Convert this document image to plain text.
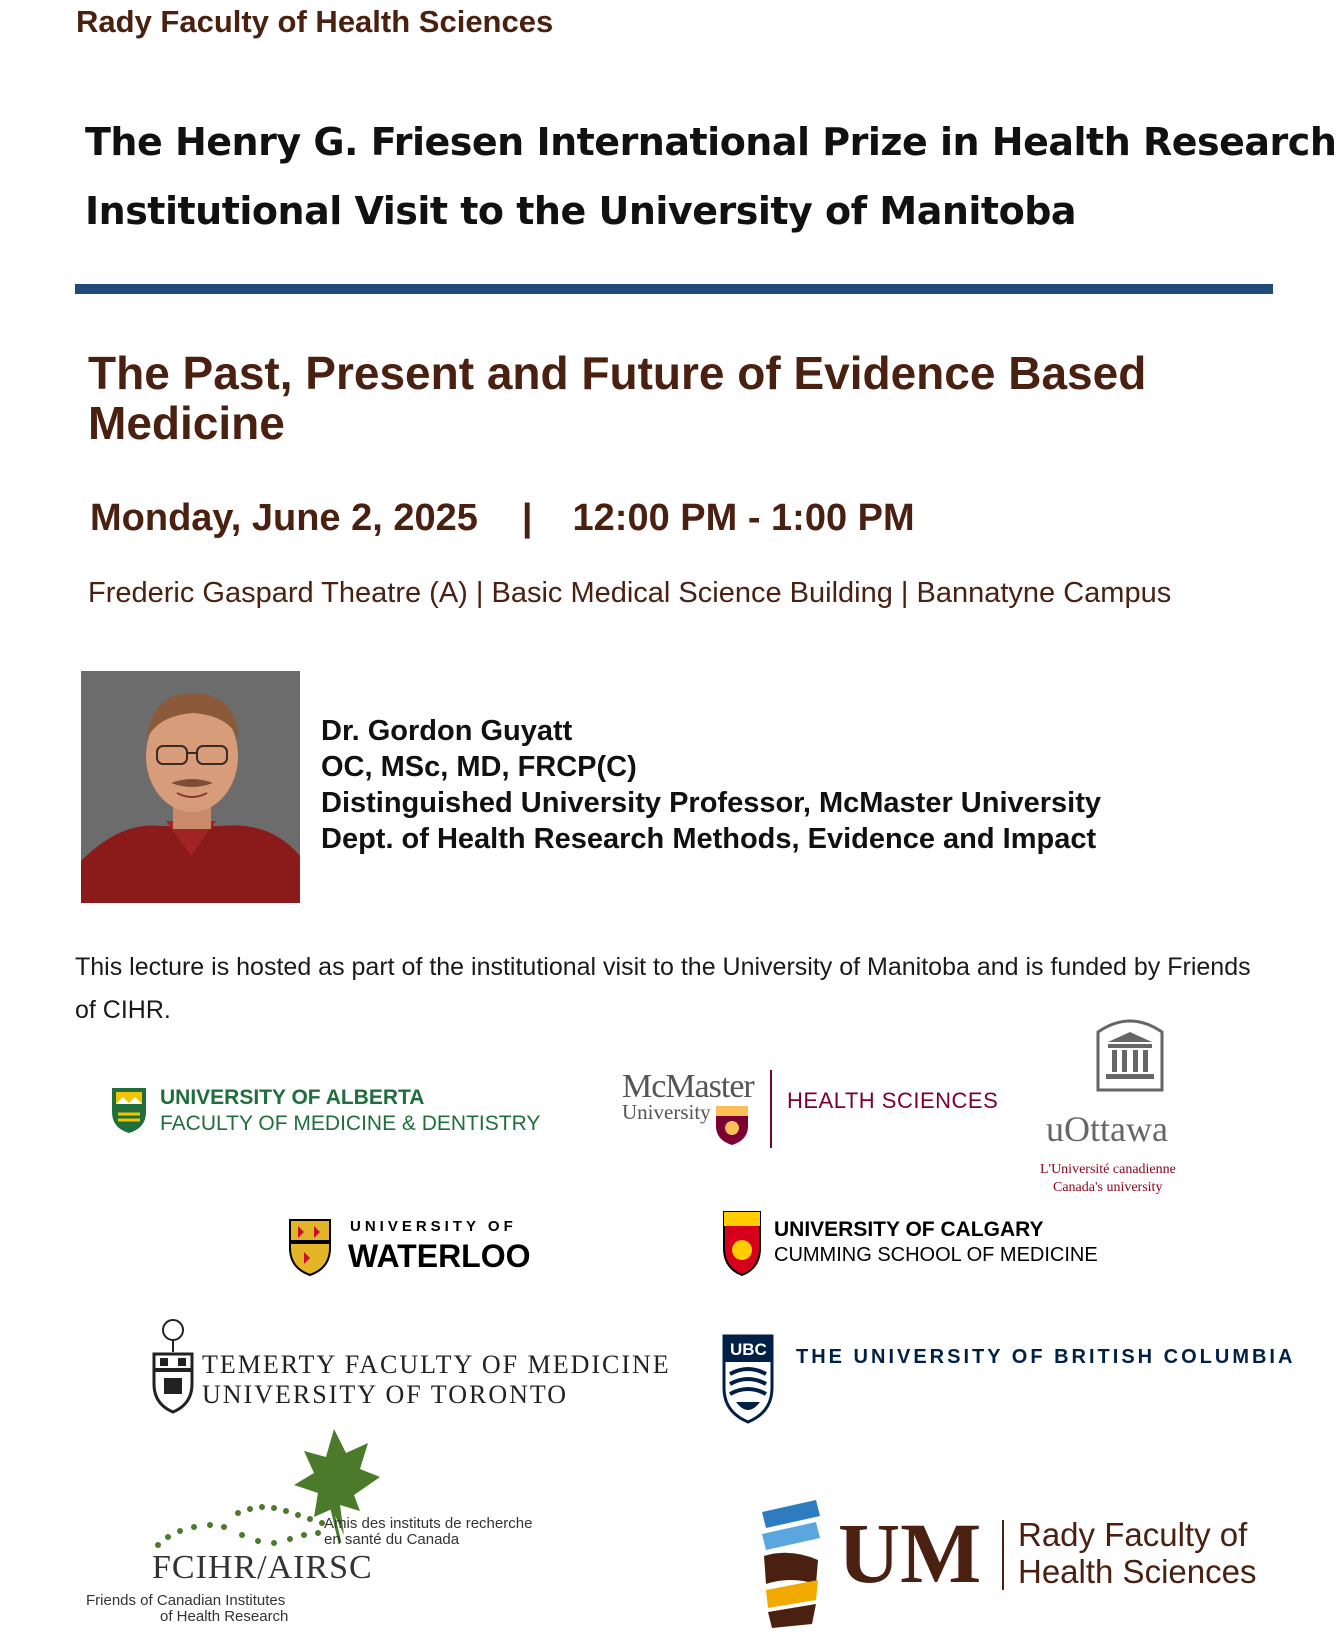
Rady Faculty of Health Sciences
The Henry G. Friesen International Prize in Health Research
Institutional Visit to the University of Manitoba
The Past, Present and Future of Evidence Based Medicine
Monday, June 2, 2025 | 12:00 PM - 1:00 PM
Frederic Gaspard Theatre (A) | Basic Medical Science Building | Bannatyne Campus
Dr. Gordon Guyatt
OC, MSc, MD, FRCP(C)
Distinguished University Professor, McMaster University
Dept. of Health Research Methods, Evidence and Impact
This lecture is hosted as part of the institutional visit to the University of Manitoba and is funded by Friends of CIHR.
UNIVERSITY OF ALBERTA
FACULTY OF MEDICINE & DENTISTRY
McMaster
University	HEALTH SCIENCES
uOttawa
L'Université canadienne
Canada's university
UNIVERSITY OF
WATERLOO
UNIVERSITY OF CALGARY
CUMMING SCHOOL OF MEDICINE
TEMERTY FACULTY OF MEDICINE
UNIVERSITY OF TORONTO
UBC THE UNIVERSITY OF BRITISH COLUMBIA
Amis des instituts de recherche
en santé du Canada
FCIHR/AIRSC
Friends of Canadian Institutes
of Health Research
UM Rady Faculty of
Health Sciences
